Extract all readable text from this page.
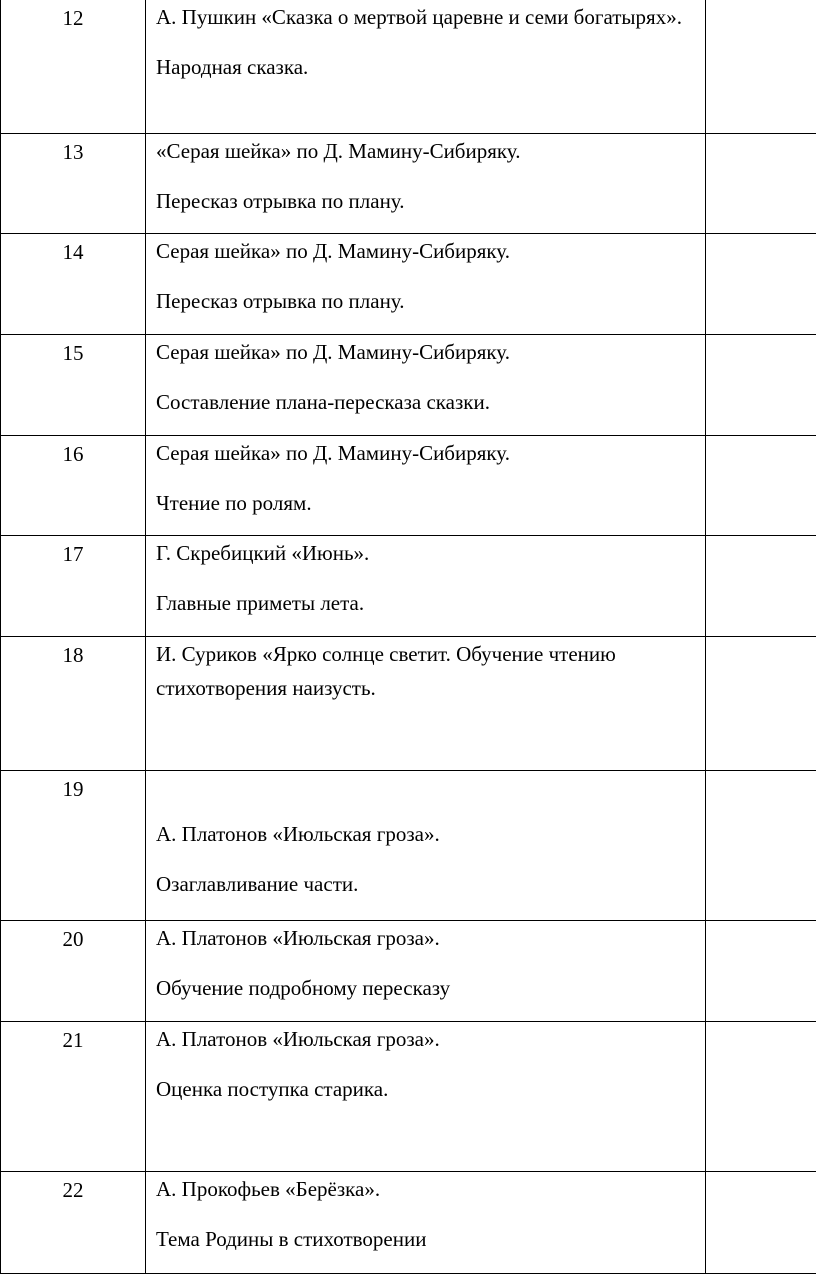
12	А. Пушкин «Сказка о мертвой царевне и семи богатырях».
Народная сказка.	

13	«Серая шейка» по Д. Мамину-Сибиряку.
Пересказ отрывка по плану.	

14	Серая шейка» по Д. Мамину-Сибиряку.
Пересказ отрывка по плану.	

15	Серая шейка» по Д. Мамину-Сибиряку.
Составление плана-пересказа сказки.	

16	Серая шейка» по Д. Мамину-Сибиряку.
Чтение по ролям.	

17	Г. Скребицкий «Июнь».
Главные приметы лета.	

18	И. Суриков «Ярко солнце светит. Обучение чтению стихотворения наизусть.	

19	А. Платонов «Июльская гроза».
Озаглавливание части.	

20	А. Платонов «Июльская гроза».
Обучение подробному пересказу	

21	А. Платонов «Июльская гроза».
Оценка поступка старика.	

22	А. Прокофьев «Берёзка».
Тема Родины в стихотворении	
